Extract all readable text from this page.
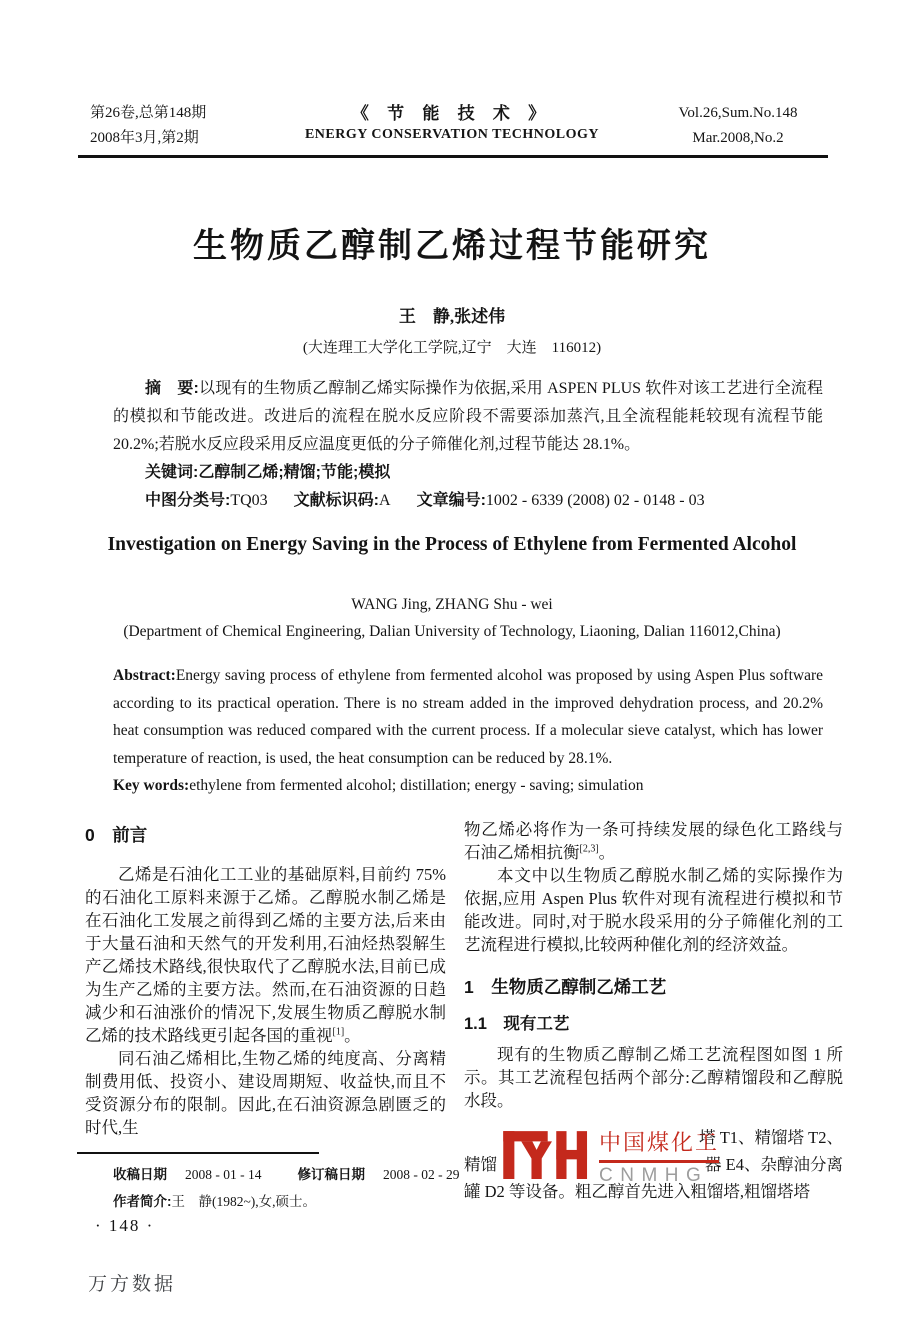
第26卷,总第148期
2008年3月,第2期
《 节 能 技 术 》
ENERGY CONSERVATION TECHNOLOGY
Vol.26,Sum.No.148
Mar.2008,No.2
生物质乙醇制乙烯过程节能研究
王　静,张述伟
(大连理工大学化工学院,辽宁　大连　116012)

摘　要:以现有的生物质乙醇制乙烯实际操作为依据,采用 ASPEN PLUS 软件对该工艺进行全流程的模拟和节能改进。改进后的流程在脱水反应阶段不需要添加蒸汽,且全流程能耗较现有流程节能 20.2%;若脱水反应段采用反应温度更低的分子筛催化剂,过程节能达 28.1%。

关键词:乙醇制乙烯;精馏;节能;模拟

中图分类号:TQ03 文献标识码:A 文章编号:1002 - 6339 (2008) 02 - 0148 - 03

Investigation on Energy Saving in the Process of Ethylene from Fermented Alcohol
WANG Jing, ZHANG Shu - wei
(Department of Chemical Engineering, Dalian University of Technology, Liaoning, Dalian 116012,China)

Abstract:Energy saving process of ethylene from fermented alcohol was proposed by using Aspen Plus software according to its practical operation. There is no stream added in the improved dehydration process, and 20.2% heat consumption was reduced compared with the current process. If a molecular sieve catalyst, which has lower temperature of reaction, is used, the heat consumption can be reduced by 28.1%.

Key words:ethylene from fermented alcohol; distillation; energy - saving; simulation

0　前言

乙烯是石油化工工业的基础原料,目前约 75%的石油化工原料来源于乙烯。乙醇脱水制乙烯是在石油化工发展之前得到乙烯的主要方法,后来由于大量石油和天然气的开发利用,石油烃热裂解生产乙烯技术路线,很快取代了乙醇脱水法,目前已成为生产乙烯的主要方法。然而,在石油资源的日趋减少和石油涨价的情况下,发展生物质乙醇脱水制乙烯的技术路线更引起各国的重视[1]。

同石油乙烯相比,生物乙烯的纯度高、分离精制费用低、投资小、建设周期短、收益快,而且不受资源分布的限制。因此,在石油资源急剧匮乏的时代,生

物乙烯必将作为一条可持续发展的绿色化工路线与石油乙烯相抗衡[2,3]。

本文中以生物质乙醇脱水制乙烯的实际操作为依据,应用 Aspen Plus 软件对现有流程进行模拟和节能改进。同时,对于脱水段采用的分子筛催化剂的工艺流程进行模拟,比较两种催化剂的经济效益。

1　生物质乙醇制乙烯工艺
1.1　现有工艺

现有的生物质乙醇制乙烯工艺流程图如图 1 所示。其工艺流程包括两个部分:乙醇精馏段和乙醇脱水段。

塔 T1、精馏塔 T2、
精馏	器 E4、杂醇油分离
罐 D2 等设备。粗乙醇首先进入粗馏塔,粗馏塔塔
中国煤化工
CNMHG
收稿日期 2008 - 01 - 14	修订稿日期 2008 - 02 - 29
作者简介:王　静(1982~),女,硕士。
· 148 ·
万方数据
